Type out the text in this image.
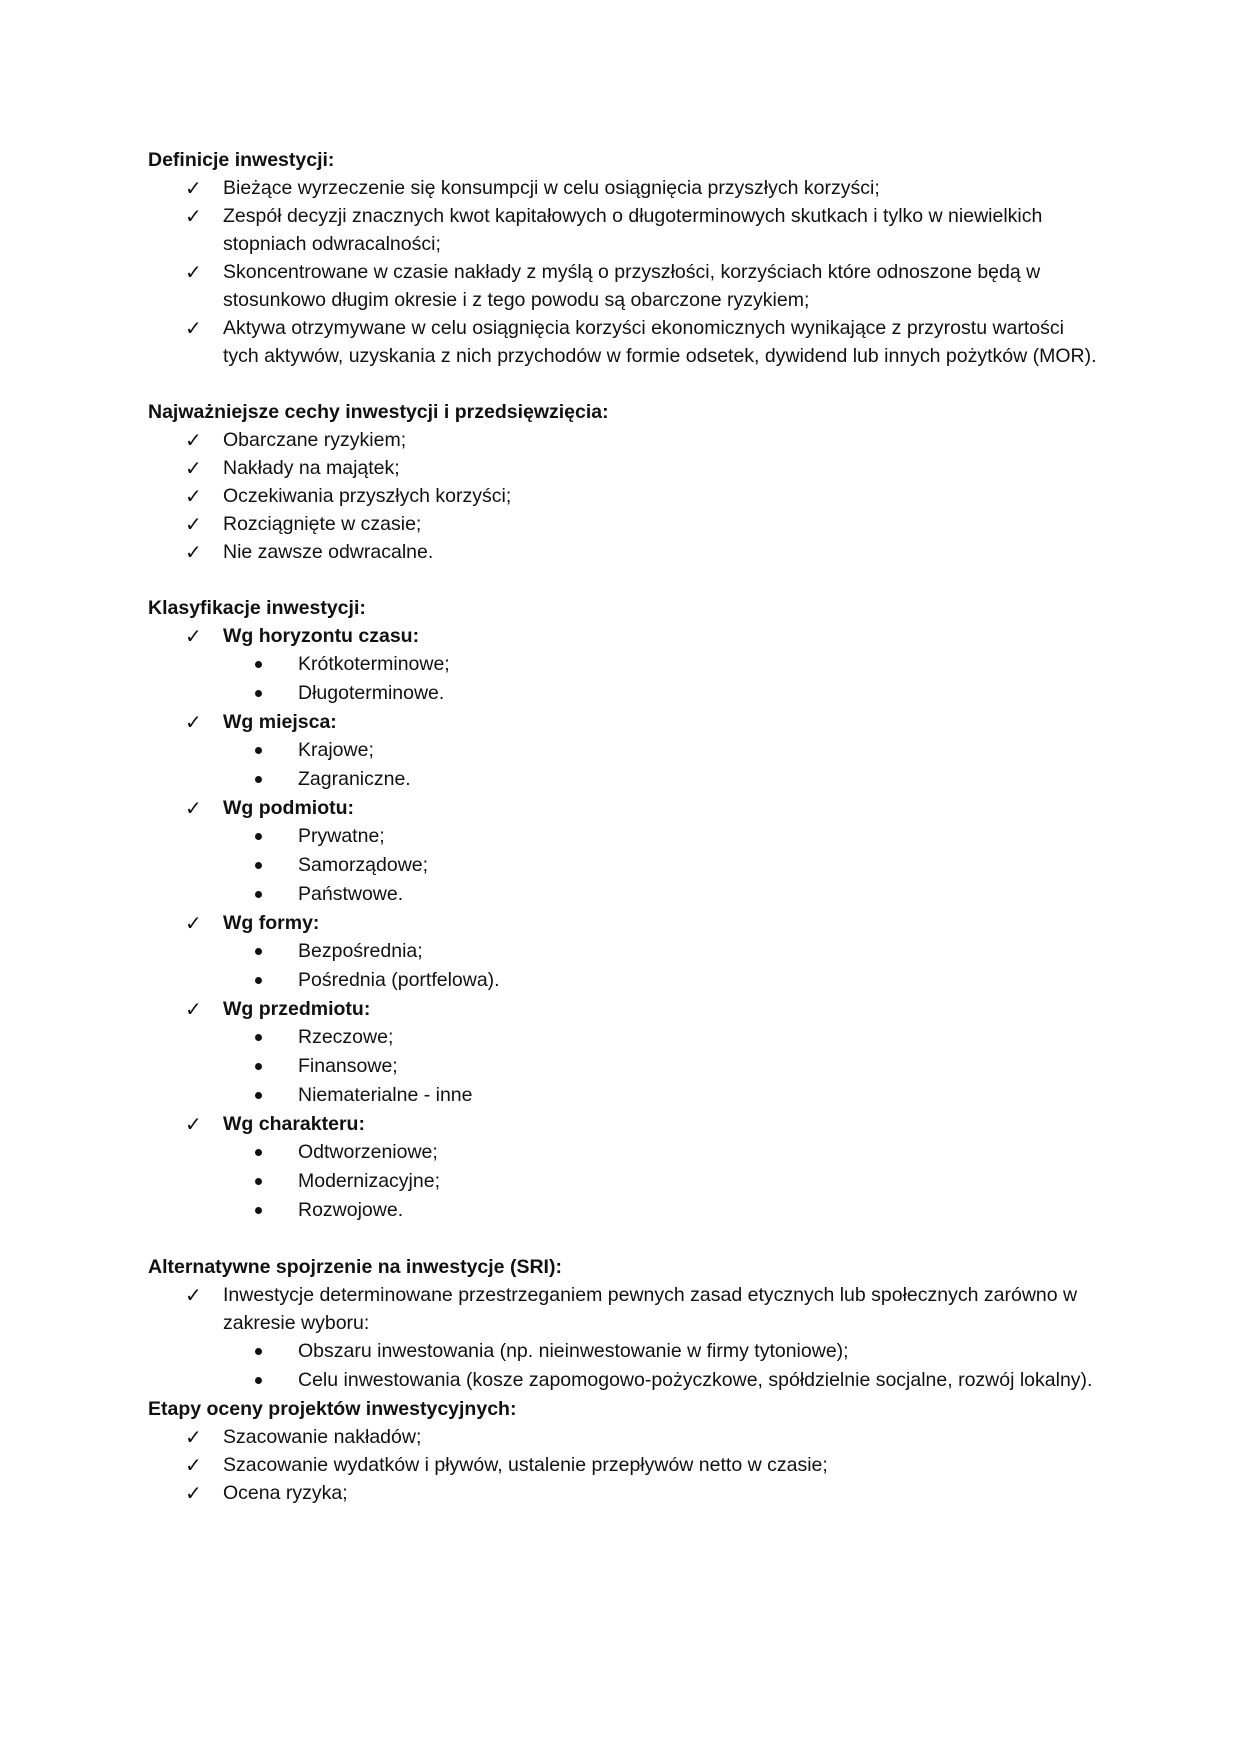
Definicje inwestycji:

✓ Bieżące wyrzeczenie się konsumpcji w celu osiągnięcia przyszłych korzyści;
✓ Zespół decyzji znacznych kwot kapitałowych o długoterminowych skutkach i tylko w niewielkich stopniach odwracalności;
✓ Skoncentrowane w czasie nakłady z myślą o przyszłości, korzyściach które odnoszone będą w stosunkowo długim okresie i z tego powodu są obarczone ryzykiem;
✓ Aktywa otrzymywane w celu osiągnięcia korzyści ekonomicznych wynikające z przyrostu wartości tych aktywów, uzyskania z nich przychodów w formie odsetek, dywidend lub innych pożytków (MOR).

Najważniejsze cechy inwestycji i przedsięwzięcia:

✓ Obarczane ryzykiem;
✓ Nakłady na majątek;
✓ Oczekiwania przyszłych korzyści;
✓ Rozciągnięte w czasie;
✓ Nie zawsze odwracalne.

Klasyfikacje inwestycji:

✓ Wg horyzontu czasu:
Krótkoterminowe;
Długoterminowe.
✓ Wg miejsca:
Krajowe;
Zagraniczne.
✓ Wg podmiotu:
Prywatne;
Samorządowe;
Państwowe.
✓ Wg formy:
Bezpośrednia;
Pośrednia (portfelowa).
✓ Wg przedmiotu:
Rzeczowe;
Finansowe;
Niematerialne - inne
✓ Wg charakteru:
Odtworzeniowe;
Modernizacyjne;
Rozwojowe.

Alternatywne spojrzenie na inwestycje (SRI):

✓ Inwestycje determinowane przestrzeganiem pewnych zasad etycznych lub społecznych zarówno w zakresie wyboru:
Obszaru inwestowania (np. nieinwestowanie w firmy tytoniowe);
Celu inwestowania (kosze zapomogowo-pożyczkowe, spółdzielnie socjalne, rozwój lokalny).

Etapy oceny projektów inwestycyjnych:

✓ Szacowanie nakładów;
✓ Szacowanie wydatków i pływów, ustalenie przepływów netto w czasie;
✓ Ocena ryzyka;
